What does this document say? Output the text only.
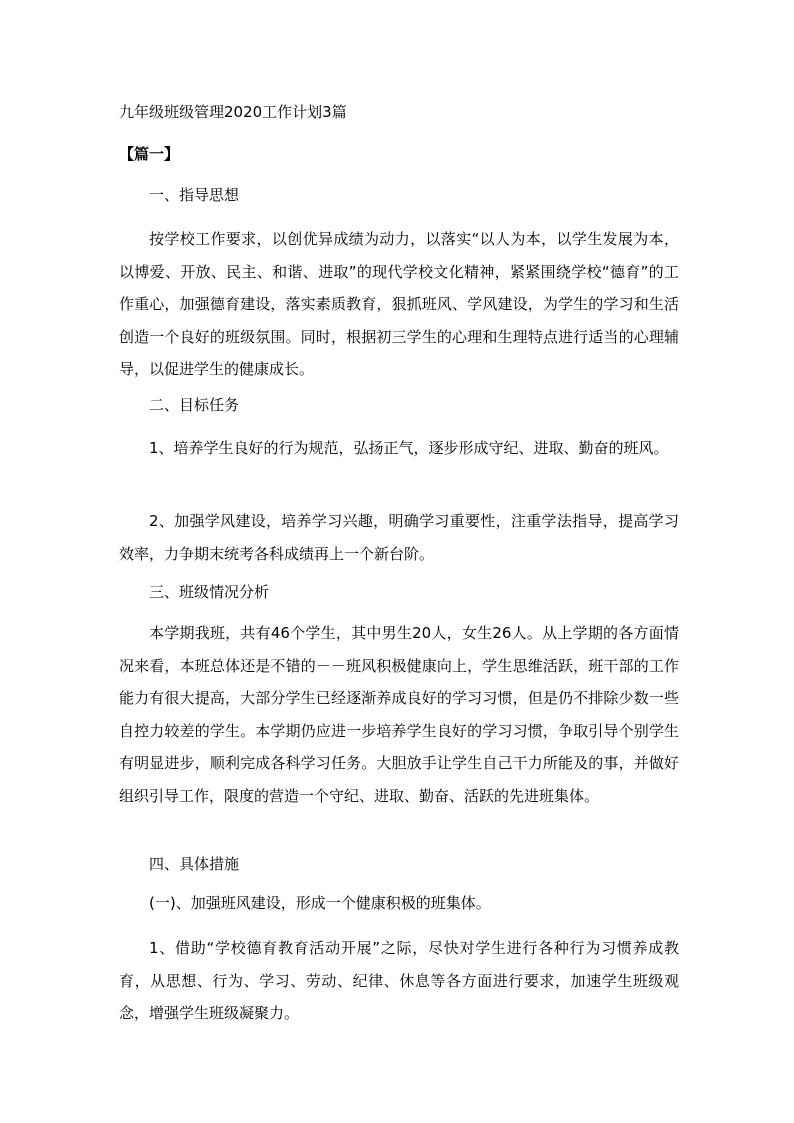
九年级班级管理2020工作计划3篇
【篇一】
一、指导思想

按学校工作要求，以创优异成绩为动力，以落实“以人为本，以学生发展为本，以博爱、开放、民主、和谐、进取”的现代学校文化精神，紧紧围绕学校“德育”的工作重心，加强德育建设，落实素质教育，狠抓班风、学风建设，为学生的学习和生活创造一个良好的班级氛围。同时，根据初三学生的心理和生理特点进行适当的心理辅导，以促进学生的健康成长。

二、目标任务

1、培养学生良好的行为规范，弘扬正气，逐步形成守纪、进取、勤奋的班风。

2、加强学风建设，培养学习兴趣，明确学习重要性，注重学法指导，提高学习效率，力争期末统考各科成绩再上一个新台阶。

三、班级情况分析

本学期我班，共有46个学生，其中男生20人，女生26人。从上学期的各方面情况来看，本班总体还是不错的－－班风积极健康向上，学生思维活跃，班干部的工作能力有很大提高，大部分学生已经逐渐养成良好的学习习惯，但是仍不排除少数一些自控力较差的学生。本学期仍应进一步培养学生良好的学习习惯，争取引导个别学生有明显进步，顺利完成各科学习任务。大胆放手让学生自己干力所能及的事，并做好组织引导工作，限度的营造一个守纪、进取、勤奋、活跃的先进班集体。

四、具体措施
(一)、加强班风建设，形成一个健康积极的班集体。

1、借助“学校德育教育活动开展”之际，尽快对学生进行各种行为习惯养成教育，从思想、行为、学习、劳动、纪律、休息等各方面进行要求，加速学生班级观念，增强学生班级凝聚力。
